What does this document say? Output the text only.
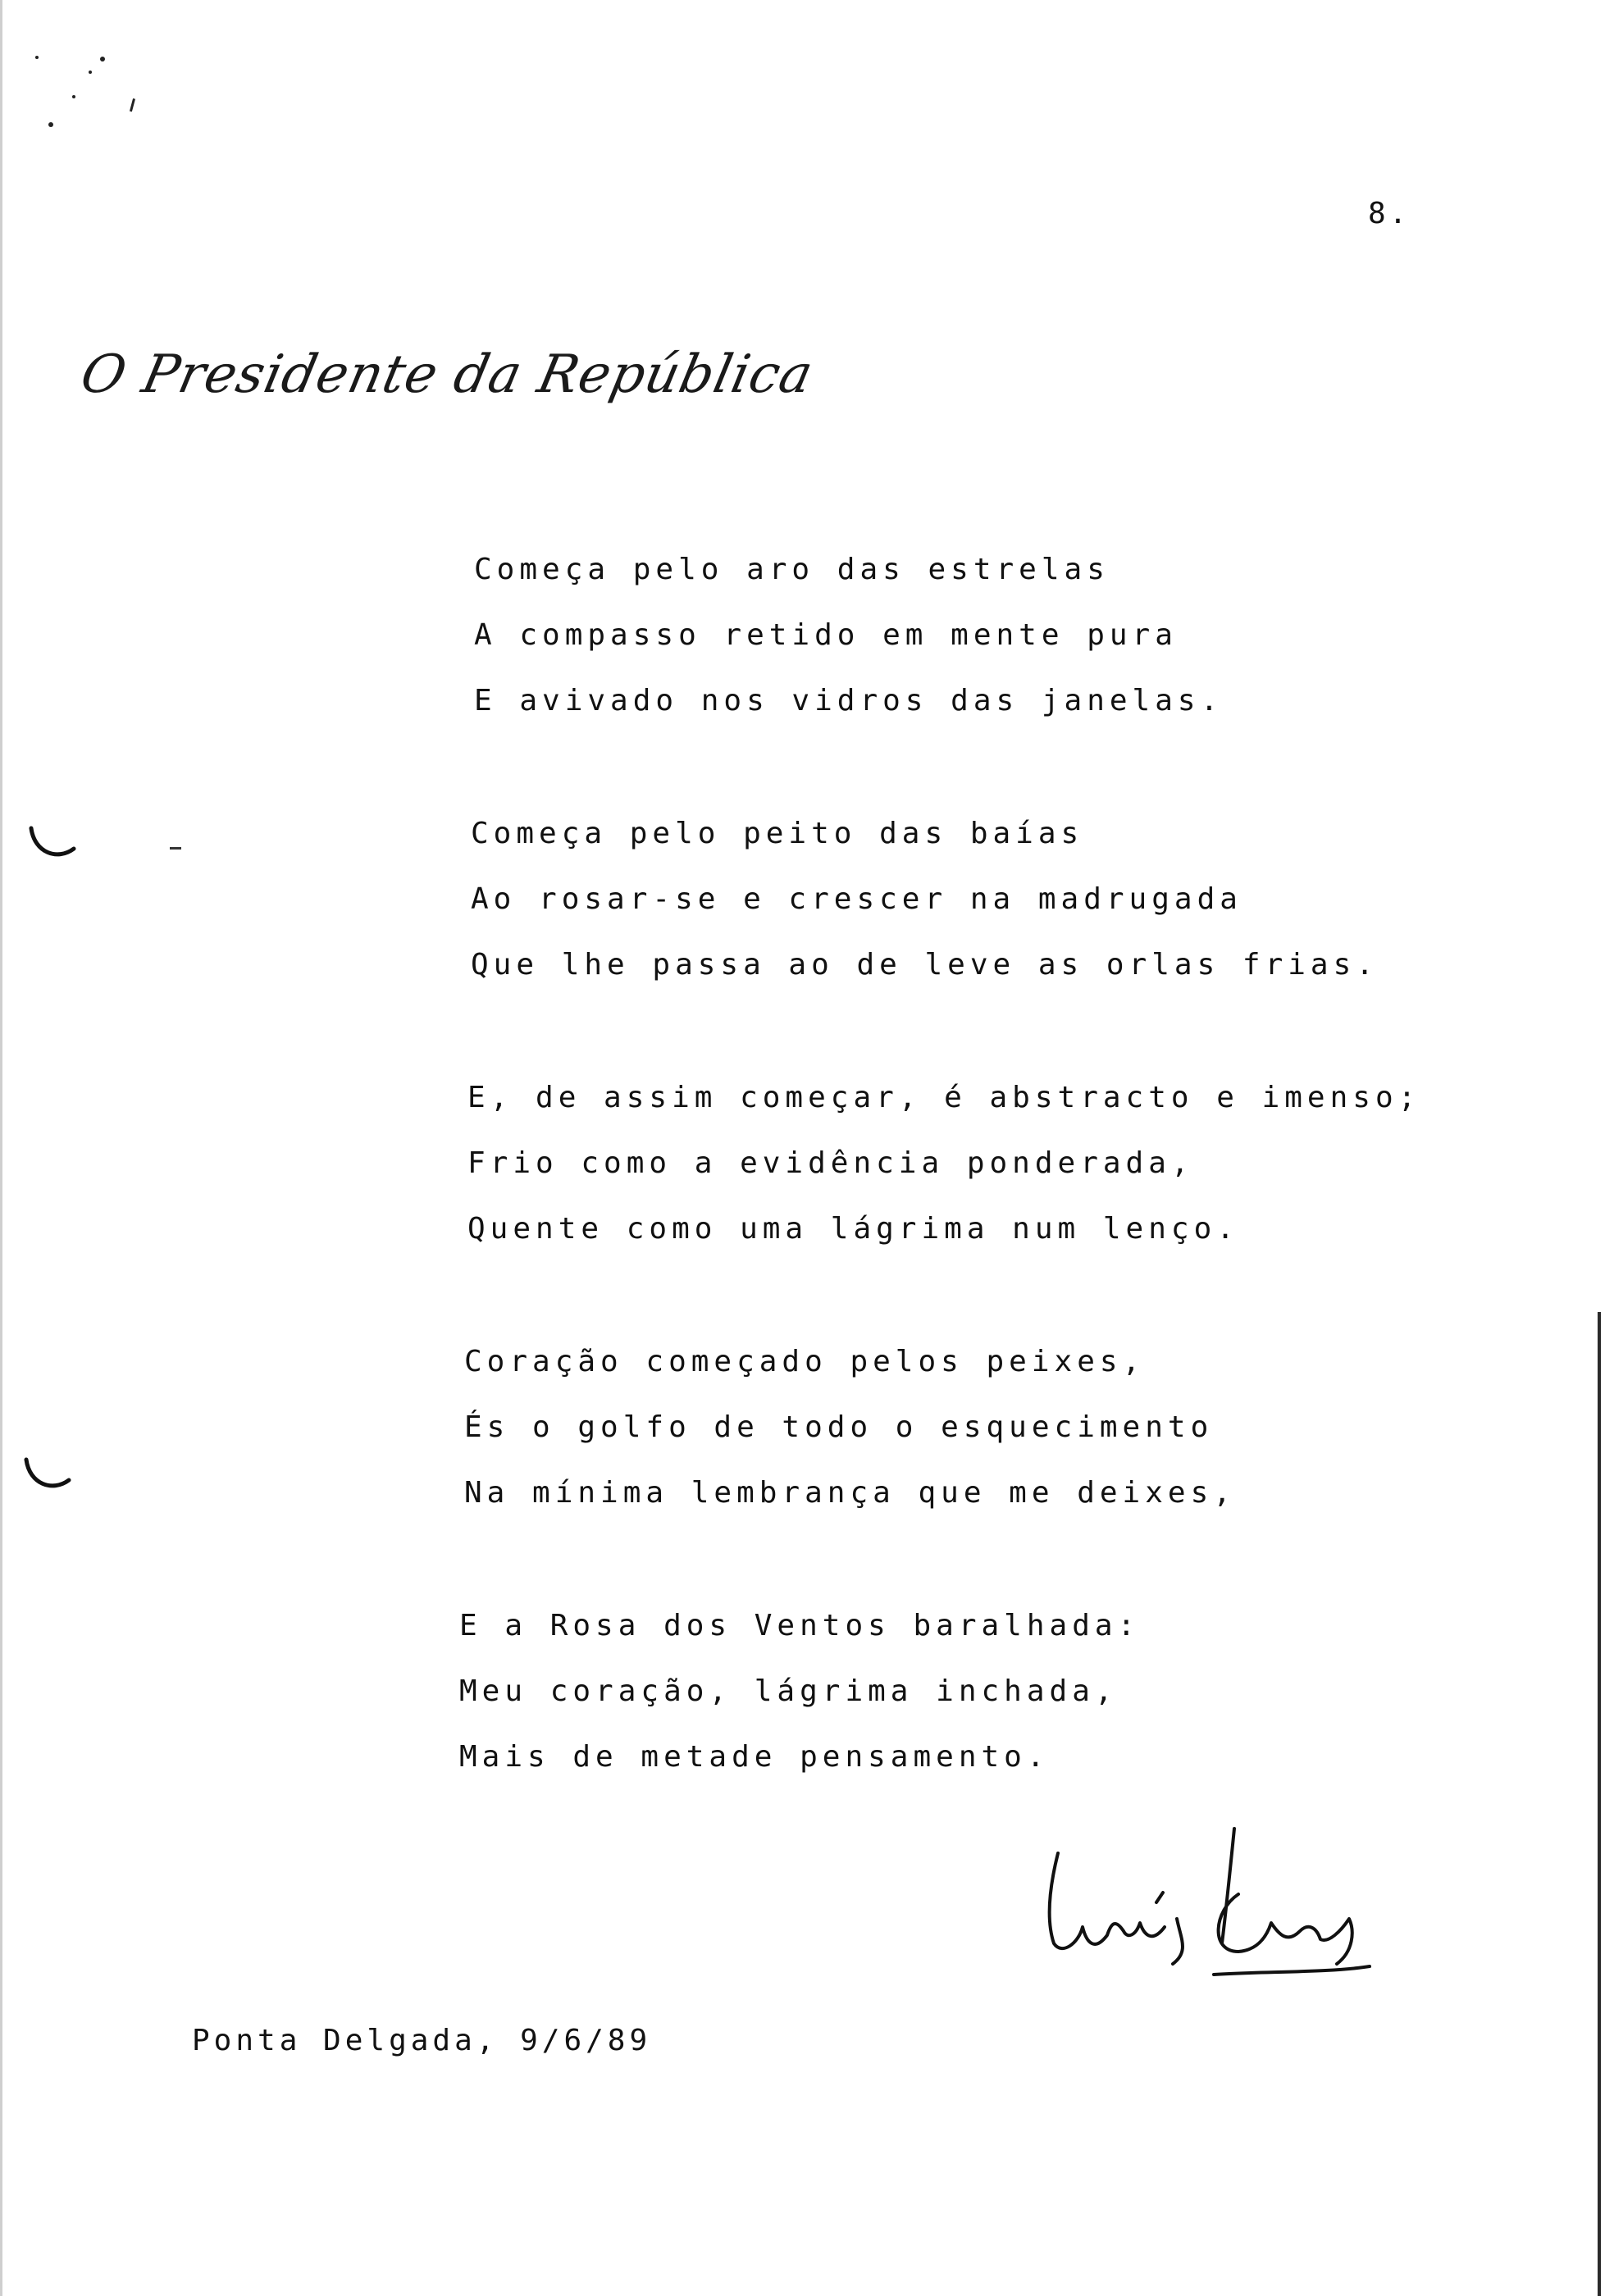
8.
O Presidente da República
Começa pelo aro das estrelas
A compasso retido em mente pura
E avivado nos vidros das janelas.
Começa pelo peito das baías
Ao rosar-se e crescer na madrugada
Que lhe passa ao de leve as orlas frias.
E, de assim começar, é abstracto e imenso;
Frio como a evidência ponderada,
Quente como uma lágrima num lenço.
Coração começado pelos peixes,
És o golfo de todo o esquecimento
Na mínima lembrança que me deixes,
E a Rosa dos Ventos baralhada:
Meu coração, lágrima inchada,
Mais de metade pensamento.
Ponta Delgada, 9/6/89
